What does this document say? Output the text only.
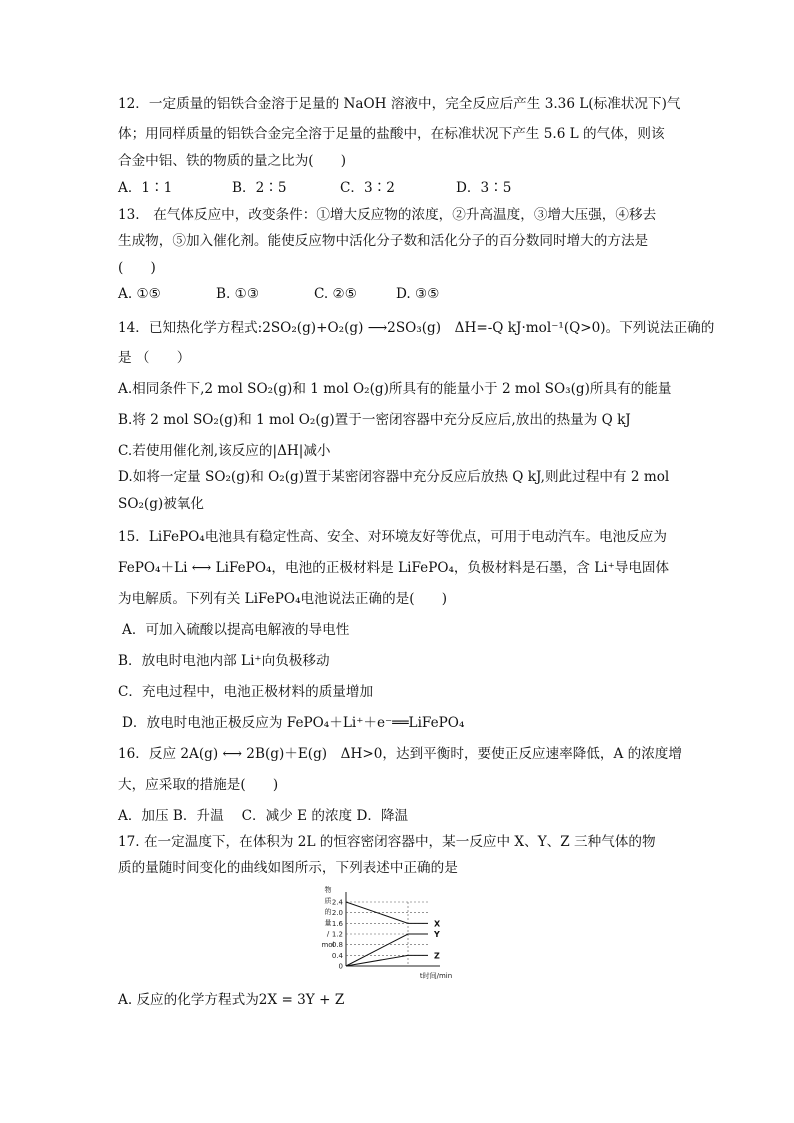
12．一定质量的铝铁合金溶于足量的 NaOH 溶液中，完全反应后产生 3.36 L(标准状况下)气
体；用同样质量的铝铁合金完全溶于足量的盐酸中，在标准状况下产生 5.6 L 的气体，则该
合金中铝、铁的物质的量之比为(　　)
A．1∶1	B．2∶5	C．3∶2	D．3∶5
13.　在气体反应中，改变条件：①增大反应物的浓度，②升高温度，③增大压强，④移去
生成物，⑤加入催化剂。能使反应物中活化分子数和活化分子的百分数同时增大的方法是
(　　)
A. ①⑤	B. ①③	C. ②⑤	D. ③⑤
14．已知热化学方程式:2SO₂(g)+O₂(g) ⟶2SO₃(g)　ΔH=-Q kJ·mol⁻¹(Q>0)。下列说法正确的
是 （　　）
A.相同条件下,2 mol SO₂(g)和 1 mol O₂(g)所具有的能量小于 2 mol SO₃(g)所具有的能量
B.将 2 mol SO₂(g)和 1 mol O₂(g)置于一密闭容器中充分反应后,放出的热量为 Q kJ
C.若使用催化剂,该反应的|ΔH|减小
D.如将一定量 SO₂(g)和 O₂(g)置于某密闭容器中充分反应后放热 Q kJ,则此过程中有 2 mol
SO₂(g)被氧化
15．LiFePO₄电池具有稳定性高、安全、对环境友好等优点，可用于电动汽车。电池反应为
FePO₄＋Li ⟷ LiFePO₄，电池的正极材料是 LiFePO₄，负极材料是石墨，含 Li⁺导电固体
为电解质。下列有关 LiFePO₄电池说法正确的是(　　)
A．可加入硫酸以提高电解液的导电性
B．放电时电池内部 Li⁺向负极移动
C．充电过程中，电池正极材料的质量增加
D．放电时电池正极反应为 FePO₄＋Li⁺＋e⁻══LiFePO₄
16．反应 2A(g) ⟷ 2B(g)＋E(g)　ΔH>0，达到平衡时，要使正反应速率降低，A 的浓度增
大，应采取的措施是(　　)
A．加压 B．升温　 C．减少 E 的浓度 D．降温
17. 在一定温度下，在体积为 2L 的恒容密闭容器中，某一反应中 X、Y、Z 三种气体的物
质的量随时间变化的曲线如图所示，下列表述中正确的是
物
质
的
量
/
mol
2.4
2.0
1.6
1.2
0.8
0.4
0
X
Y
Z
t时间/min
A. 反应的化学方程式为2X = 3Y + Z
